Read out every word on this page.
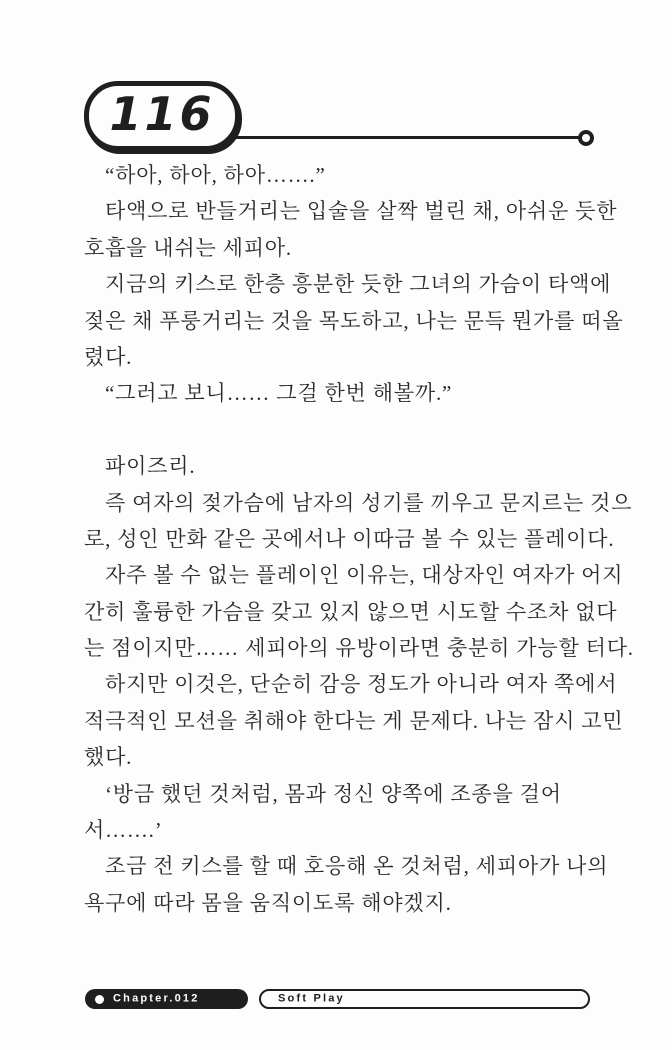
116

“하아, 하아, 하아…….”

타액으로 반들거리는 입술을 살짝 벌린 채, 아쉬운 듯한
호흡을 내쉬는 세피아.

지금의 키스로 한층 흥분한 듯한 그녀의 가슴이 타액에
젖은 채 푸룽거리는 것을 목도하고, 나는 문득 뭔가를 떠올
렸다.

“그러고 보니…… 그걸 한번 해볼까.”

파이즈리.

즉 여자의 젖가슴에 남자의 성기를 끼우고 문지르는 것으
로, 성인 만화 같은 곳에서나 이따금 볼 수 있는 플레이다.

자주 볼 수 없는 플레이인 이유는, 대상자인 여자가 어지
간히 훌륭한 가슴을 갖고 있지 않으면 시도할 수조차 없다
는 점이지만…… 세피아의 유방이라면 충분히 가능할 터다.

하지만 이것은, 단순히 감응 정도가 아니라 여자 쪽에서
적극적인 모션을 취해야 한다는 게 문제다. 나는 잠시 고민
했다.

‘방금 했던 것처럼, 몸과 정신 양쪽에 조종을 걸어
서…….’

조금 전 키스를 할 때 호응해 온 것처럼, 세피아가 나의
욕구에 따라 몸을 움직이도록 해야겠지.

Chapter.012	Soft Play
